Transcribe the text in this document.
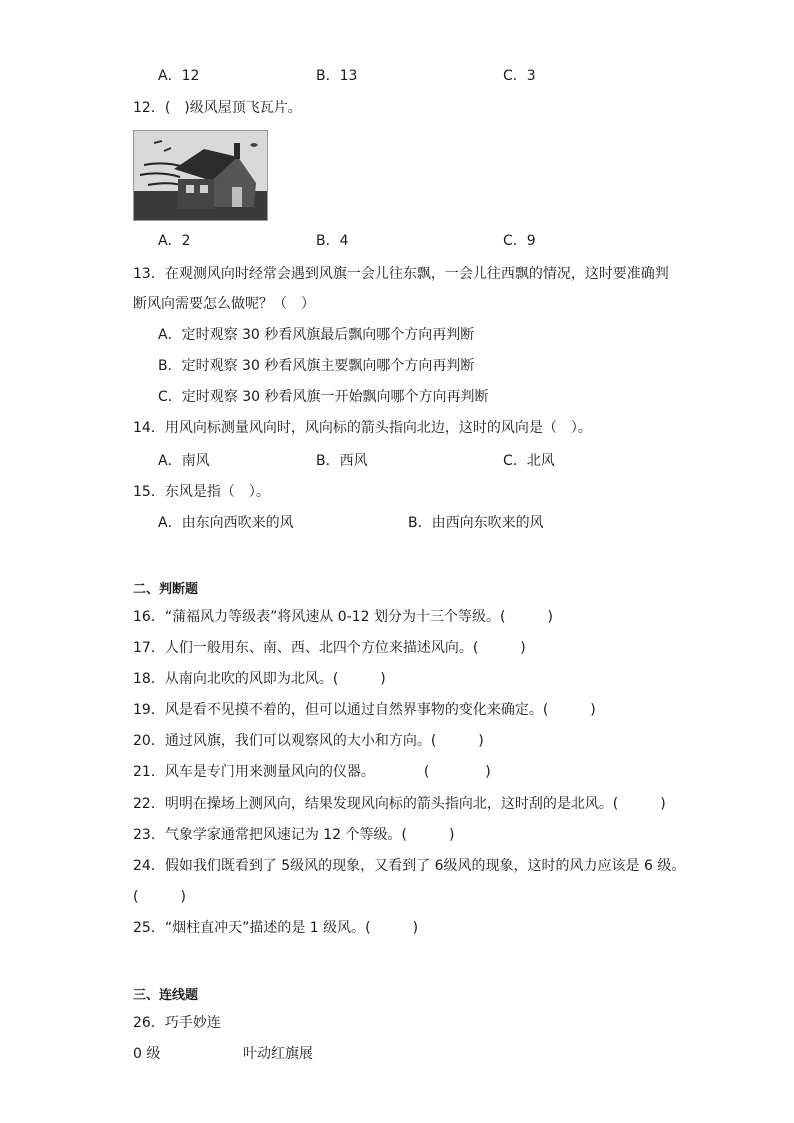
A．12	B．13	C．3
12．(　)级风屋顶飞瓦片。
A．2	B．4	C．9
13．在观测风向时经常会遇到风旗一会儿往东飘，一会儿往西飘的情况，这时要准确判
断风向需要怎么做呢？（　）
A．定时观察 30 秒看风旗最后飘向哪个方向再判断
B．定时观察 30 秒看风旗主要飘向哪个方向再判断
C．定时观察 30 秒看风旗一开始飘向哪个方向再判断
14．用风向标测量风向时，风向标的箭头指向北边，这时的风向是（　）。
A．南风	B．西风	C．北风
15．东风是指（　）。
A．由东向西吹来的风	B．由西向东吹来的风
二、判断题
16．“蒲福风力等级表”将风速从 0-12 划分为十三个等级。(　　　)
17．人们一般用东、南、西、北四个方位来描述风向。(　　　)
18．从南向北吹的风即为北风。(　　　)
19．风是看不见摸不着的，但可以通过自然界事物的变化来确定。(　　　)
20．通过风旗，我们可以观察风的大小和方向。(　　　)
21．风车是专门用来测量风向的仪器。　　　　(　　　　)
22．明明在操场上测风向，结果发现风向标的箭头指向北，这时刮的是北风。(　　　)
23．气象学家通常把风速记为 12 个等级。(　　　)
24．假如我们既看到了 5级风的现象，又看到了 6级风的现象，这时的风力应该是 6 级。
(　　　)
25．“烟柱直冲天”描述的是 1 级风。(　　　)
三、连线题
26．巧手妙连
0 级	叶动红旗展
